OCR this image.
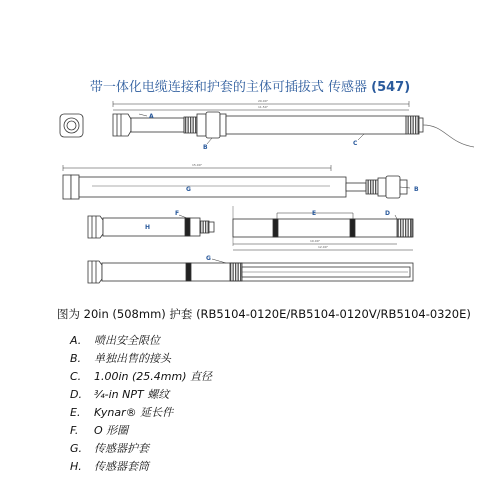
带一体化电缆连接和护套的主体可插拔式 传感器 (547)
A
B
C
B
G
D
F
H
E
G
20.00"
11.50"
15.00"
10.00"
12.00"
图为 20in (508mm) 护套 (RB5104-0120E/RB5104-0120V/RB5104-0320E)
A. 喷出安全限位
B. 单独出售的接头
C. 1.00in (25.4mm) 直径
D. ¾-in NPT 螺纹
E. Kynar® 延长件
F. O 形圈
G. 传感器护套
H. 传感器套筒
